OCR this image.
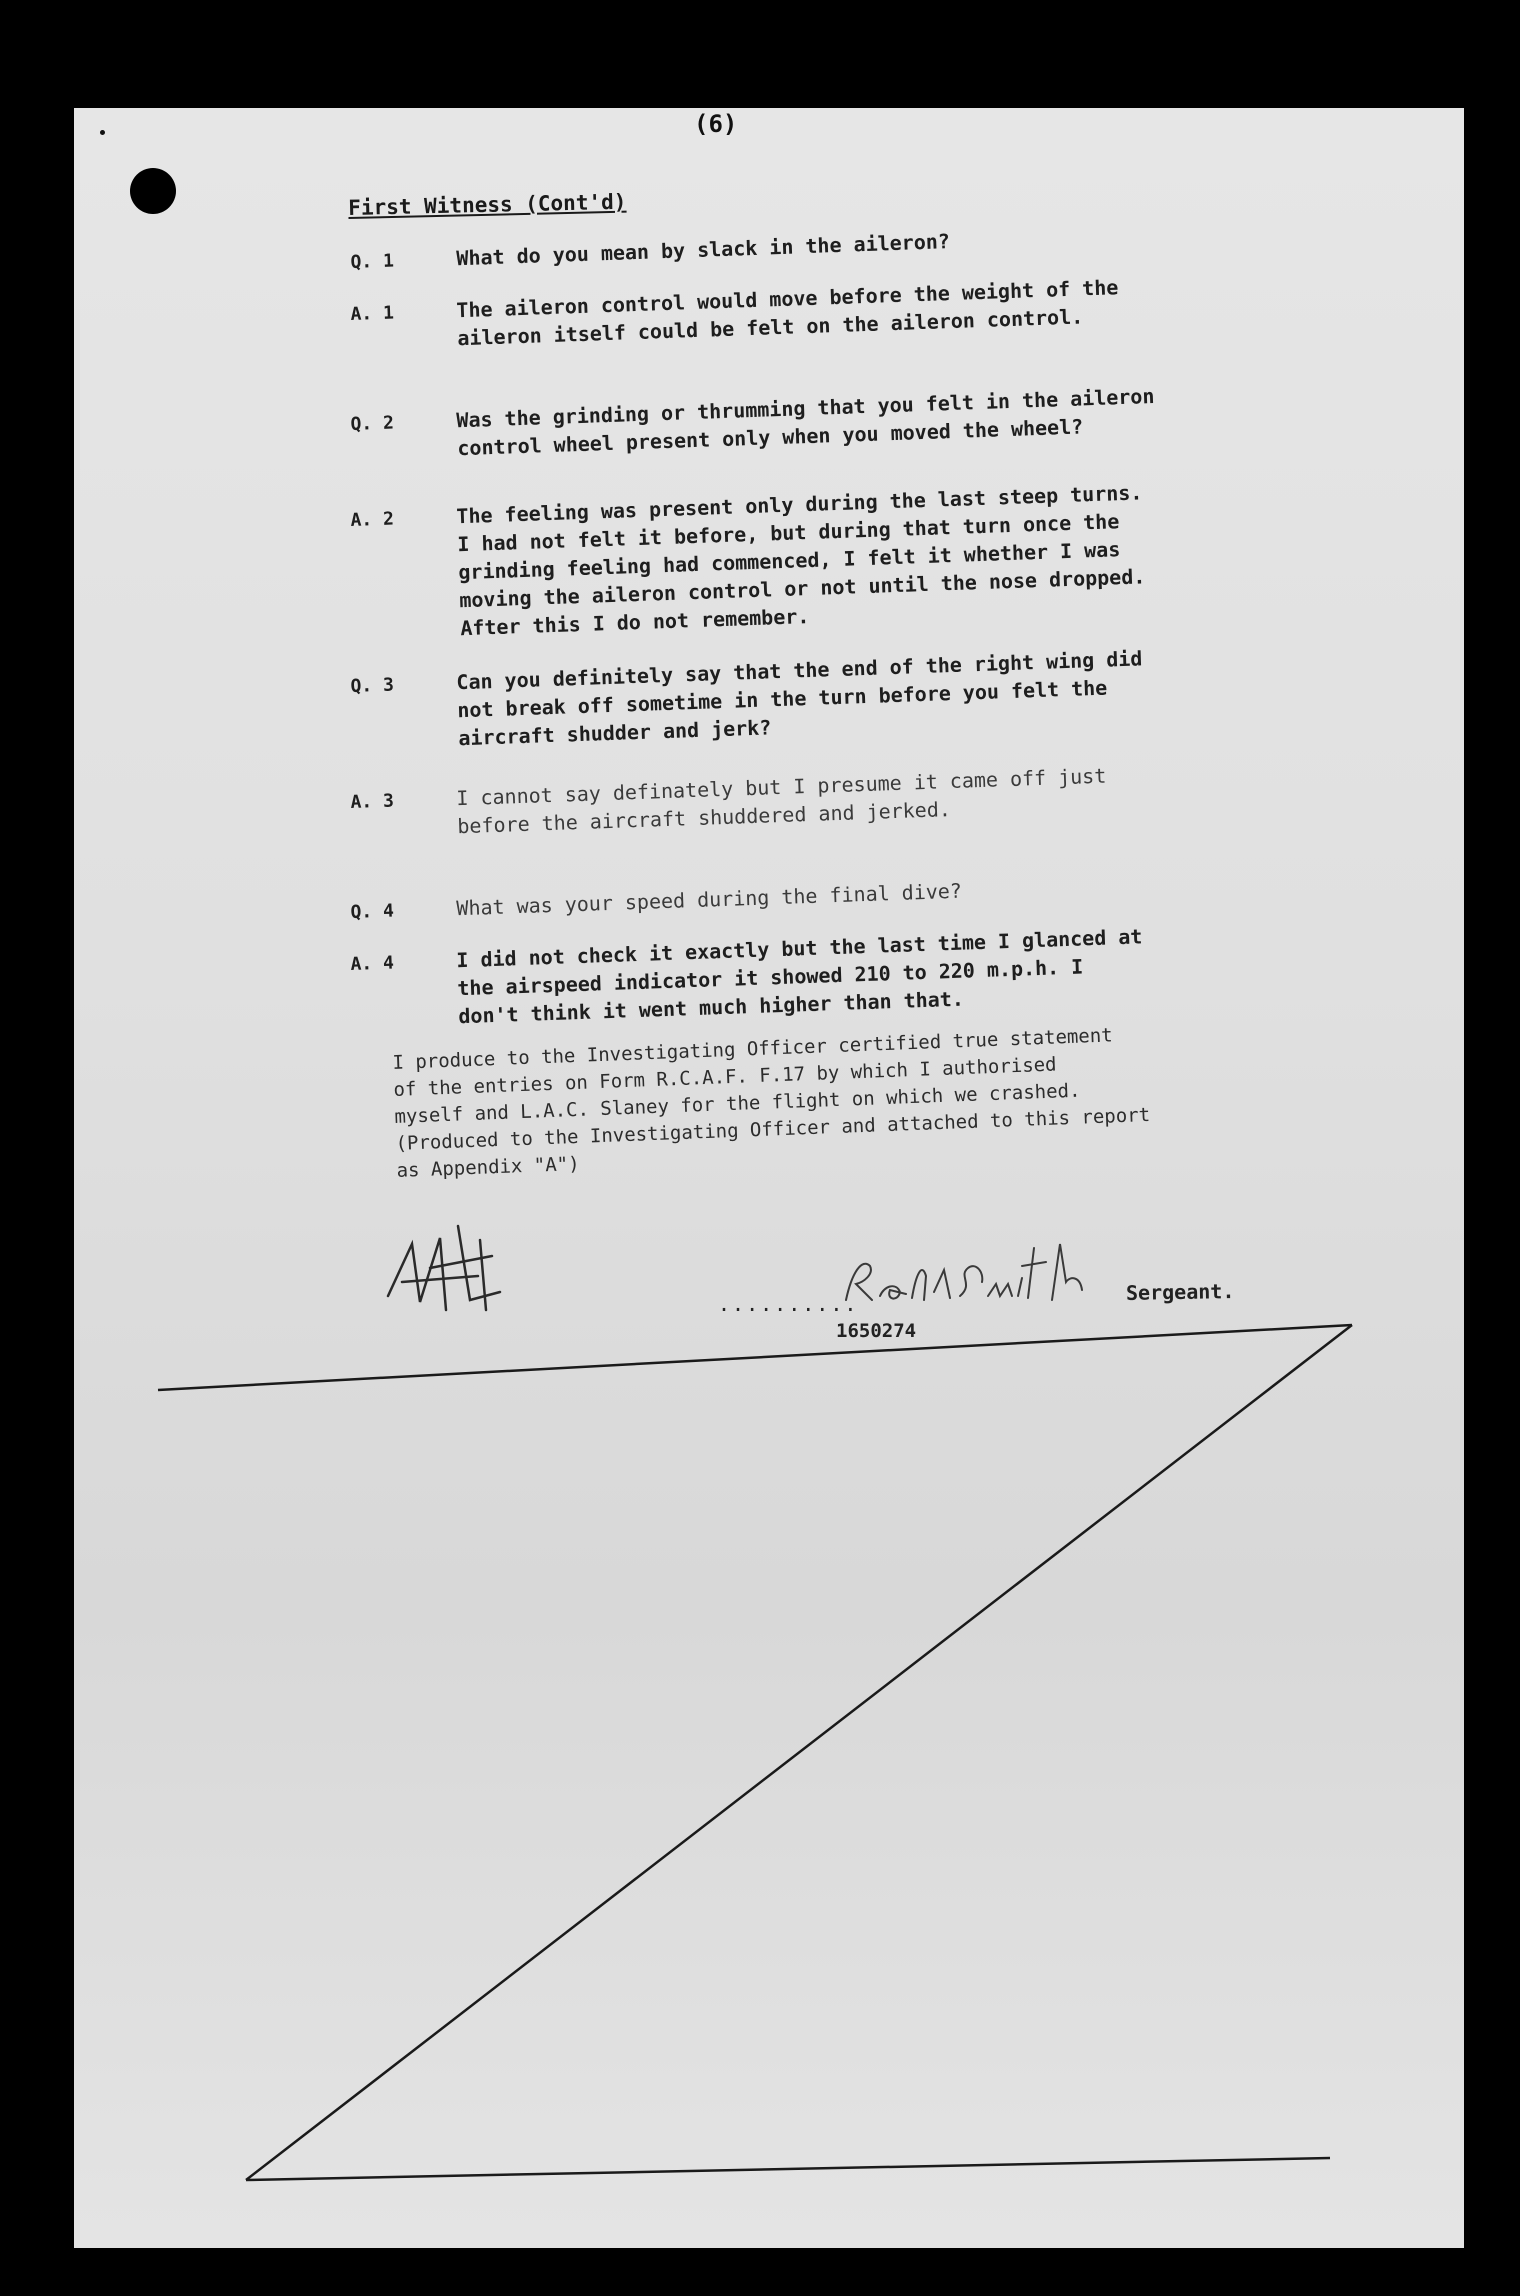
(6)
First Witness (Cont'd)
Q. 1	What do you mean by slack in the aileron?
A. 1	The aileron control would move before the weight of the
aileron itself could be felt on the aileron control.
Q. 2	Was the grinding or thrumming that you felt in the aileron
control wheel present only when you moved the wheel?
A. 2	The feeling was present only during the last steep turns.
I had not felt it before, but during that turn once the
grinding feeling had commenced, I felt it whether I was
moving the aileron control or not until the nose dropped.
After this I do not remember.
Q. 3	Can you definitely say that the end of the right wing did
not break off sometime in the turn before you felt the
aircraft shudder and jerk?
A. 3	I cannot say definately but I presume it came off just
before the aircraft shuddered and jerked.
Q. 4	What was your speed during the final dive?
A. 4	I did not check it exactly but the last time I glanced at
the airspeed indicator it showed 210 to 220 m.p.h. I
don't think it went much higher than that.
I produce to the Investigating Officer certified true statement
of the entries on Form R.C.A.F. F.17 by which I authorised
myself and L.A.C. Slaney for the flight on which we crashed.
(Produced to the Investigating Officer and attached to this report
as Appendix "A")
..........	Sergeant.
1650274
